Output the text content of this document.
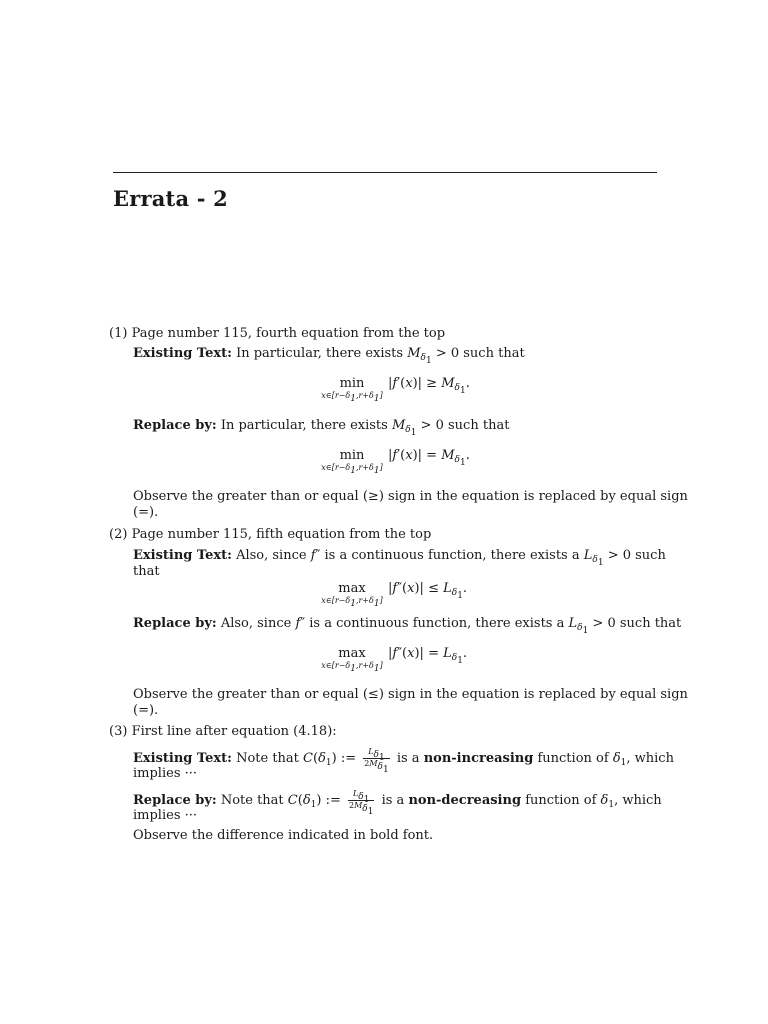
Errata - 2
(1) Page number 115, fourth equation from the top
Existing Text: In particular, there exists $M_{\delta_1} > 0$ such that
min
$x\in[r-\delta_1,r+\delta_1]$
$|f'(x)| \ge M_{\delta_1}$.
Replace by: In particular, there exists $M_{\delta_1} > 0$ such that
min
$x\in[r-\delta_1,r+\delta_1]$
$|f'(x)| = M_{\delta_1}$.
Observe the greater than or equal (≥) sign in the equation is replaced by equal sign
(=).
(2) Page number 115, fifth equation from the top
Existing Text: Also, since f″ is a continuous function, there exists a $L_{\delta_1} > 0$ such
that
max
$x\in[r-\delta_1,r+\delta_1]$
$|f''(x)| \le L_{\delta_1}$.
Replace by: Also, since f″ is a continuous function, there exists a $L_{\delta_1} > 0$ such that
max
$x\in[r-\delta_1,r+\delta_1]$
$|f''(x)| = L_{\delta_1}$.
Observe the greater than or equal (≤) sign in the equation is replaced by equal sign
(=).
(3) First line after equation (4.18):
Existing Text: Note that $C(\delta_1)$ := $\frac{L_{\delta_1}}{2M_{\delta_1}}$ is a non-increasing function of $\delta_1$, which
implies ···
Replace by: Note that $C(\delta_1)$ := $\frac{L_{\delta_1}}{2M_{\delta_1}}$ is a non-decreasing function of $\delta_1$, which
implies ···
Observe the difference indicated in bold font.
